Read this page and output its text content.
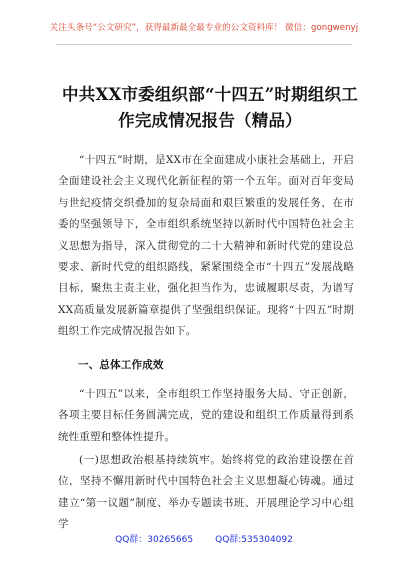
关注头条号“公文研究”，获得最新最全最专业的公文资料库！ 微信：gongwenyj
中共XX市委组织部“十四五”时期组织工作完成情况报告（精品）
“十四五”时期，是XX市在全面建成小康社会基础上，开启全面建设社会主义现代化新征程的第一个五年。面对百年变局与世纪疫情交织叠加的复杂局面和艰巨繁重的发展任务，在市委的坚强领导下，全市组织系统坚持以新时代中国特色社会主义思想为指导，深入贯彻党的二十大精神和新时代党的建设总要求、新时代党的组织路线，紧紧围绕全市“十四五”发展战略目标，聚焦主责主业，强化担当作为，忠诚履职尽责，为谱写XX高质量发展新篇章提供了坚强组织保证。现将“十四五”时期组织工作完成情况报告如下。
一、总体工作成效
“十四五”以来，全市组织工作坚持服务大局、守正创新，各项主要目标任务圆满完成，党的建设和组织工作质量得到系统性重塑和整体性提升。
(一)思想政治根基持续筑牢。始终将党的政治建设摆在首位，坚持不懈用新时代中国特色社会主义思想凝心铸魂。通过建立“第一议题”制度、举办专题读书班、开展理论学习中心组学
QQ群：30265665 QQ群:535304092
